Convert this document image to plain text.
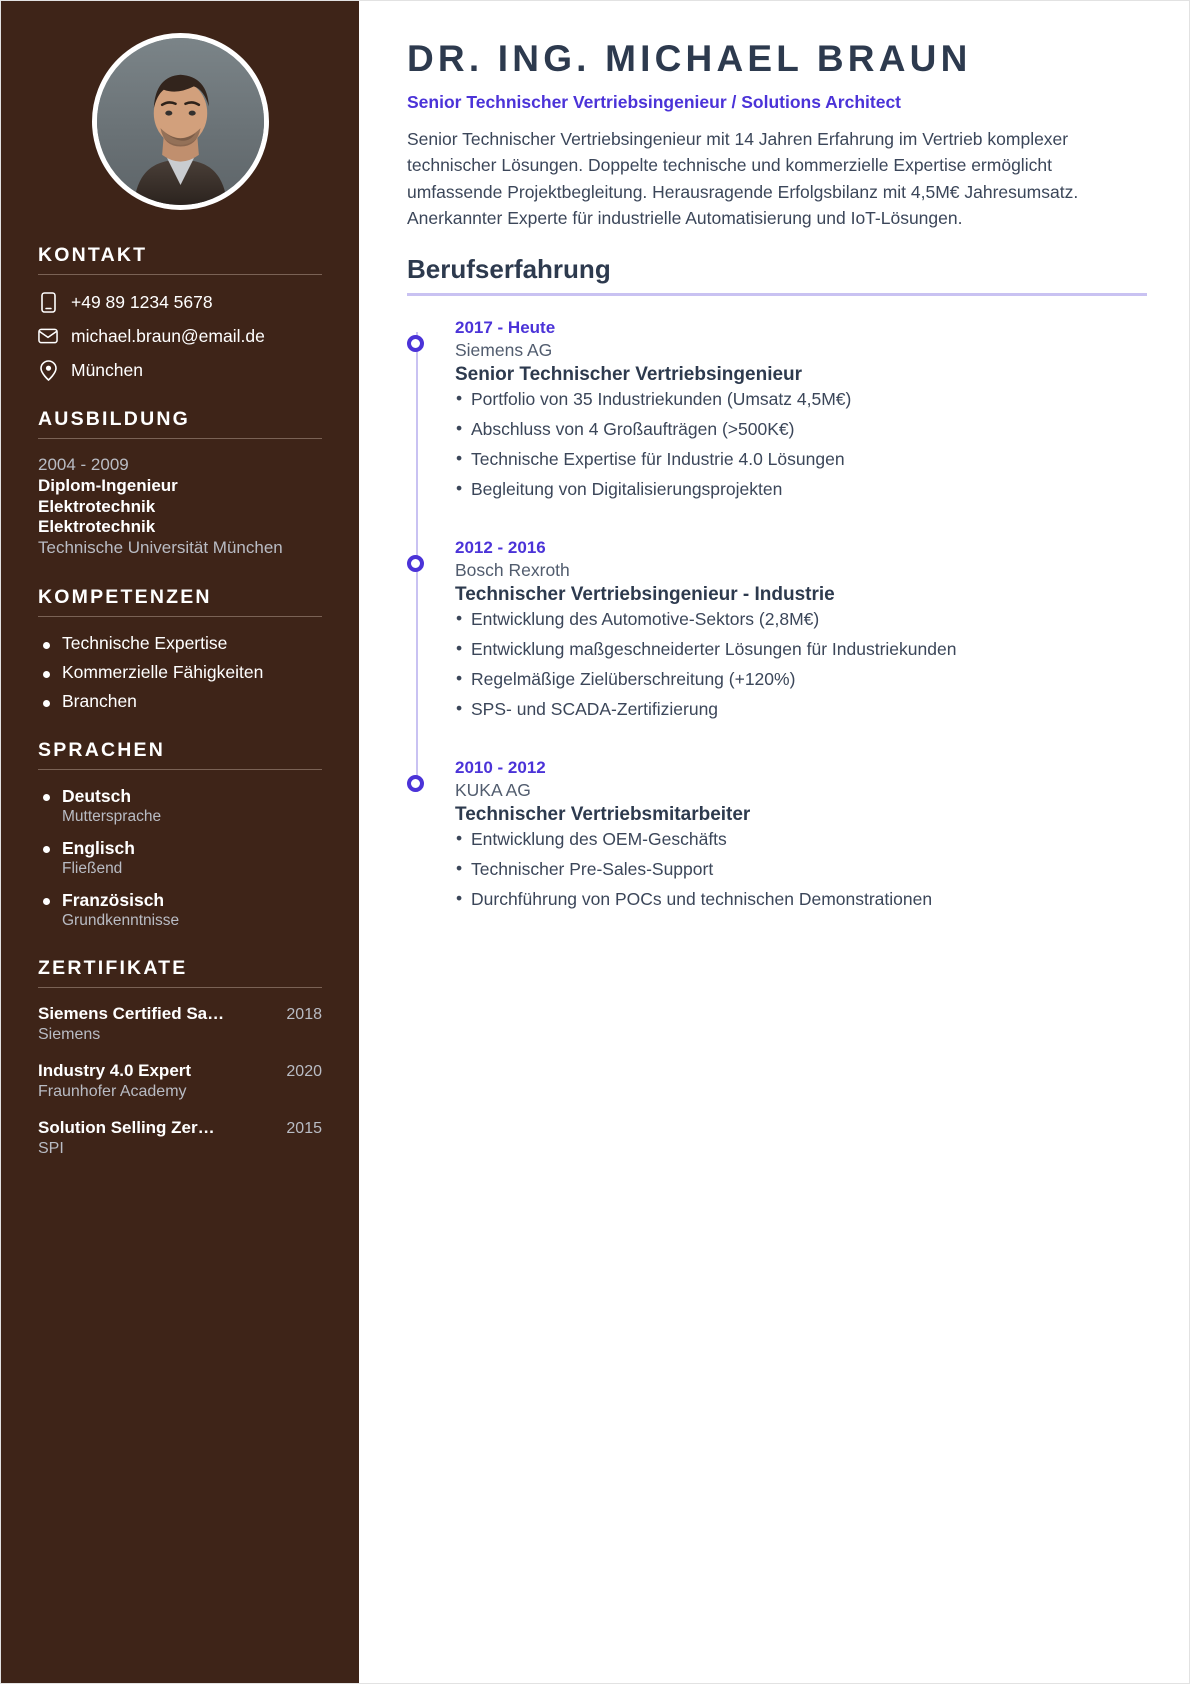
KONTAKT
+49 89 1234 5678
michael.braun@email.de
München
AUSBILDUNG
2004 - 2009
Diplom-Ingenieur
Elektrotechnik
Elektrotechnik
Technische Universität München
KOMPETENZEN
Technische Expertise
Kommerzielle Fähigkeiten
Branchen
SPRACHEN
Deutsch
Muttersprache
Englisch
Fließend
Französisch
Grundkenntnisse
ZERTIFIKATE
Siemens Certified Sa…	2018
Siemens
Industry 4.0 Expert	2020
Fraunhofer Academy
Solution Selling Zer…	2015
SPI
DR. ING. MICHAEL BRAUN
Senior Technischer Vertriebsingenieur / Solutions Architect

Senior Technischer Vertriebsingenieur mit 14 Jahren Erfahrung im Vertrieb komplexer technischer Lösungen. Doppelte technische und kommerzielle Expertise ermöglicht umfassende Projektbegleitung. Herausragende Erfolgsbilanz mit 4,5M€ Jahresumsatz. Anerkannter Experte für industrielle Automatisierung und IoT-Lösungen.

Berufserfahrung
2017 - Heute
Siemens AG
Senior Technischer Vertriebsingenieur
• Portfolio von 35 Industriekunden (Umsatz 4,5M€)
• Abschluss von 4 Großaufträgen (>500K€)
• Technische Expertise für Industrie 4.0 Lösungen
• Begleitung von Digitalisierungsprojekten
2012 - 2016
Bosch Rexroth
Technischer Vertriebsingenieur - Industrie
• Entwicklung des Automotive-Sektors (2,8M€)
• Entwicklung maßgeschneiderter Lösungen für Industriekunden
• Regelmäßige Zielüberschreitung (+120%)
• SPS- und SCADA-Zertifizierung
2010 - 2012
KUKA AG
Technischer Vertriebsmitarbeiter
• Entwicklung des OEM-Geschäfts
• Technischer Pre-Sales-Support
• Durchführung von POCs und technischen Demonstrationen
